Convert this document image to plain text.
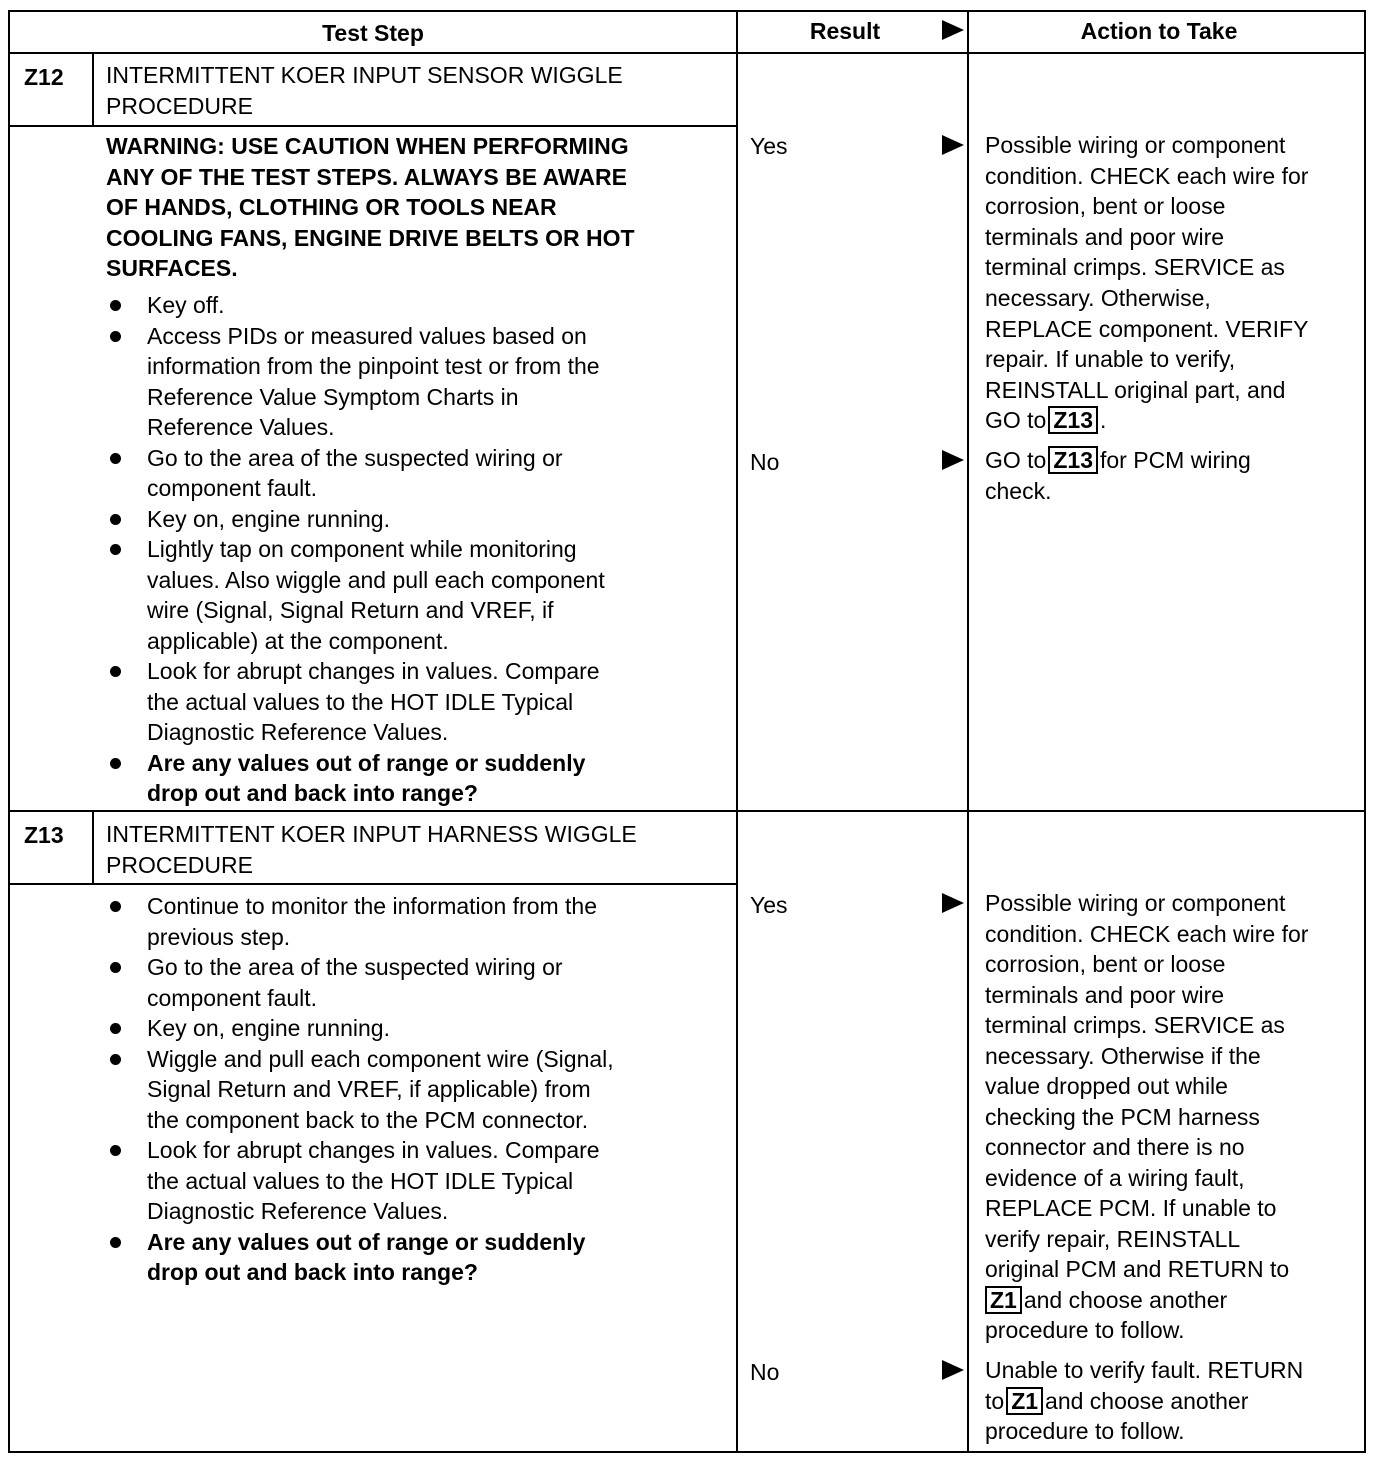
Test Step	Result	Action to Take
Z12 INTERMITTENT KOER INPUT SENSOR WIGGLE
PROCEDURE
WARNING: USE CAUTION WHEN PERFORMING
ANY OF THE TEST STEPS. ALWAYS BE AWARE
OF HANDS, CLOTHING OR TOOLS NEAR
COOLING FANS, ENGINE DRIVE BELTS OR HOT
SURFACES.
Key off.
Access PIDs or measured values based on
information from the pinpoint test or from the
Reference Value Symptom Charts in
Reference Values.
Go to the area of the suspected wiring or
component fault.
Key on, engine running.
Lightly tap on component while monitoring
values. Also wiggle and pull each component
wire (Signal, Signal Return and VREF, if
applicable) at the component.
Look for abrupt changes in values. Compare
the actual values to the HOT IDLE Typical
Diagnostic Reference Values.
Are any values out of range or suddenly
drop out and back into range?
Yes	Possible wiring or component
condition. CHECK each wire for
corrosion, bent or loose
terminals and poor wire
terminal crimps. SERVICE as
necessary. Otherwise,
REPLACE component. VERIFY
repair. If unable to verify,
REINSTALL original part, and
GO to Z13 .
No	GO to Z13 for PCM wiring
check.
Z13 INTERMITTENT KOER INPUT HARNESS WIGGLE
PROCEDURE
Continue to monitor the information from the
previous step.
Go to the area of the suspected wiring or
component fault.
Key on, engine running.
Wiggle and pull each component wire (Signal,
Signal Return and VREF, if applicable) from
the component back to the PCM connector.
Look for abrupt changes in values. Compare
the actual values to the HOT IDLE Typical
Diagnostic Reference Values.
Are any values out of range or suddenly
drop out and back into range?
Yes	Possible wiring or component
condition. CHECK each wire for
corrosion, bent or loose
terminals and poor wire
terminal crimps. SERVICE as
necessary. Otherwise if the
value dropped out while
checking the PCM harness
connector and there is no
evidence of a wiring fault,
REPLACE PCM. If unable to
verify repair, REINSTALL
original PCM and RETURN to
Z1 and choose another
procedure to follow.
No	Unable to verify fault. RETURN
to Z1 and choose another
procedure to follow.
